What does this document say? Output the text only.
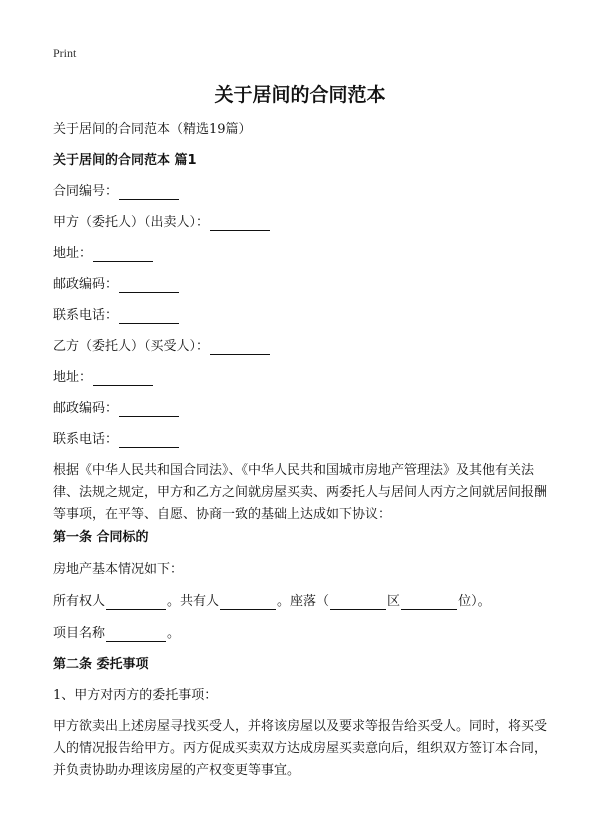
Print
关于居间的合同范本
关于居间的合同范本（精选19篇）
关于居间的合同范本 篇1
合同编号：
甲方（委托人）（出卖人）：
地址：
邮政编码：
联系电话：
乙方（委托人）（买受人）：
地址：
邮政编码：
联系电话：
根据《中华人民共和国合同法》、《中华人民共和国城市房地产管理法》及其他有关法律、法规之规定，甲方和乙方之间就房屋买卖、两委托人与居间人丙方之间就居间报酬等事项，在平等、自愿、协商一致的基础上达成如下协议：
第一条 合同标的
房地产基本情况如下：
所有权人	。共有人	。座落（	区	位）。
项目名称	。
第二条 委托事项
1、甲方对丙方的委托事项：
甲方欲卖出上述房屋寻找买受人，并将该房屋以及要求等报告给买受人。同时，将买受人的情况报告给甲方。丙方促成买卖双方达成房屋买卖意向后，组织双方签订本合同，并负责协助办理该房屋的产权变更等事宜。
